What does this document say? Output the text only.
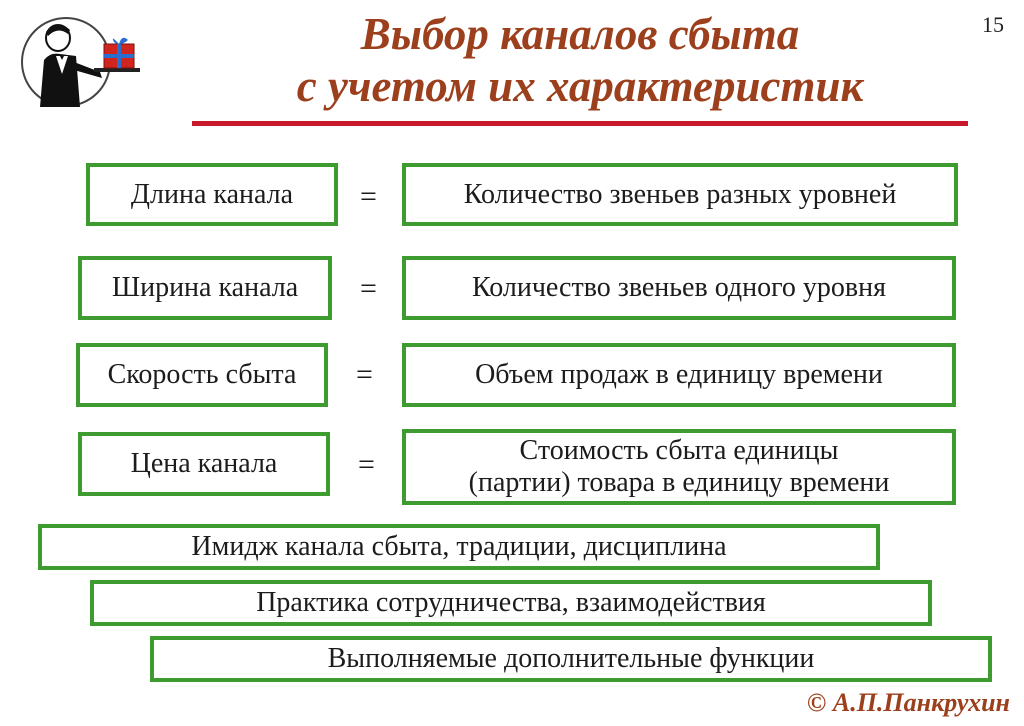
15
Выбор каналов сбыта
с учетом их характеристик
Длина канала =	Количество звеньев разных уровней
Ширина канала =	Количество звеньев одного уровня
Скорость сбыта =	Объем продаж в единицу времени
Цена канала	=	Стоимость сбыта единицы
(партии) товара в единицу времени
Имидж канала сбыта, традиции, дисциплина
Практика сотрудничества, взаимодействия
Выполняемые дополнительные функции
© А.П.Панкрухин
